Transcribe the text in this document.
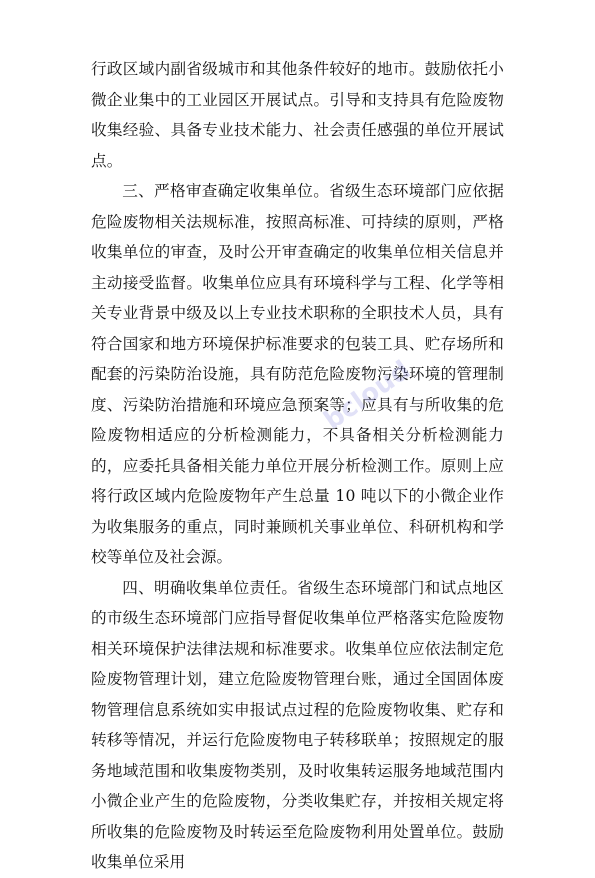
行政区域内副省级城市和其他条件较好的地市。鼓励依托小微企业集中的工业园区开展试点。引导和支持具有危险废物收集经验、具备专业技术能力、社会责任感强的单位开展试点。

三、严格审查确定收集单位。省级生态环境部门应依据危险废物相关法规标准，按照高标准、可持续的原则，严格收集单位的审查，及时公开审查确定的收集单位相关信息并主动接受监督。收集单位应具有环境科学与工程、化学等相关专业背景中级及以上专业技术职称的全职技术人员，具有符合国家和地方环境保护标准要求的包装工具、贮存场所和配套的污染防治设施，具有防范危险废物污染环境的管理制度、污染防治措施和环境应急预案等；应具有与所收集的危险废物相适应的分析检测能力，不具备相关分析检测能力的，应委托具备相关能力单位开展分析检测工作。原则上应将行政区域内危险废物年产生总量 10 吨以下的小微企业作为收集服务的重点，同时兼顾机关事业单位、科研机构和学校等单位及社会源。

四、明确收集单位责任。省级生态环境部门和试点地区的市级生态环境部门应指导督促收集单位严格落实危险废物相关环境保护法律法规和标准要求。收集单位应依法制定危险废物管理计划，建立危险废物管理台账，通过全国固体废物管理信息系统如实申报试点过程的危险废物收集、贮存和转移等情况，并运行危险废物电子转移联单；按照规定的服务地域范围和收集废物类别，及时收集转运服务地域范围内小微企业产生的危险废物，分类收集贮存，并按相关规定将所收集的危险废物及时转运至危险废物利用处置单位。鼓励收集单位采用

bcloud
